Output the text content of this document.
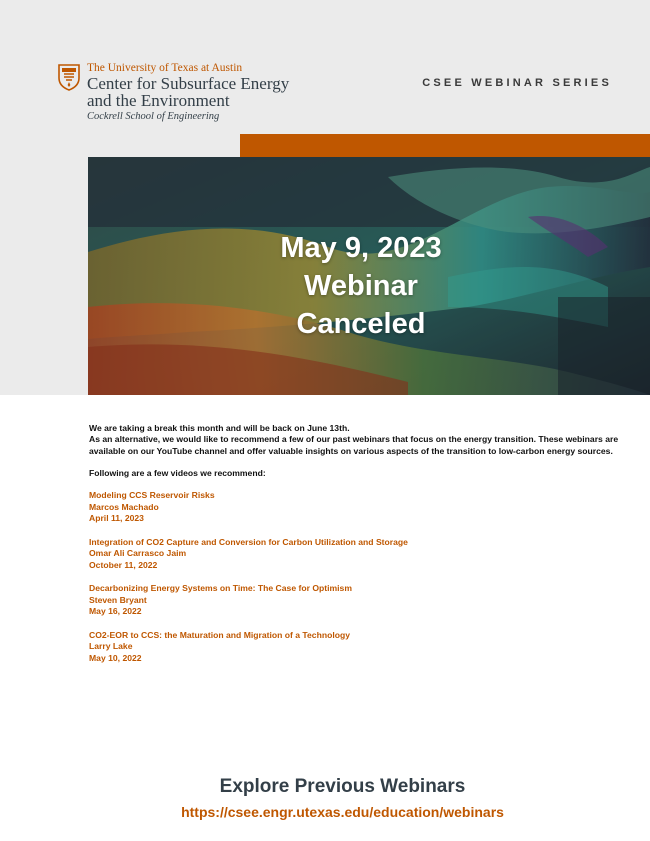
The University of Texas at Austin
Center for Subsurface Energy
and the Environment
Cockrell School of Engineering
CSEE WEBINAR SERIES
May 9, 2023
Webinar
Canceled

We are taking a break this month and will be back on June 13th.

As an alternative, we would like to recommend a few of our past webinars that focus on the energy transition. These webinars are available on our YouTube channel and offer valuable insights on various aspects of the transition to low-carbon energy sources.

Following are a few videos we recommend:

Modeling CCS Reservoir Risks
Marcos Machado
April 11, 2023
Integration of CO2 Capture and Conversion for Carbon Utilization and Storage
Omar Ali Carrasco Jaim
October 11, 2022
Decarbonizing Energy Systems on Time: The Case for Optimism
Steven Bryant
May 16, 2022
CO2-EOR to CCS: the Maturation and Migration of a Technology
Larry Lake
May 10, 2022
Explore Previous Webinars
https://csee.engr.utexas.edu/education/webinars
